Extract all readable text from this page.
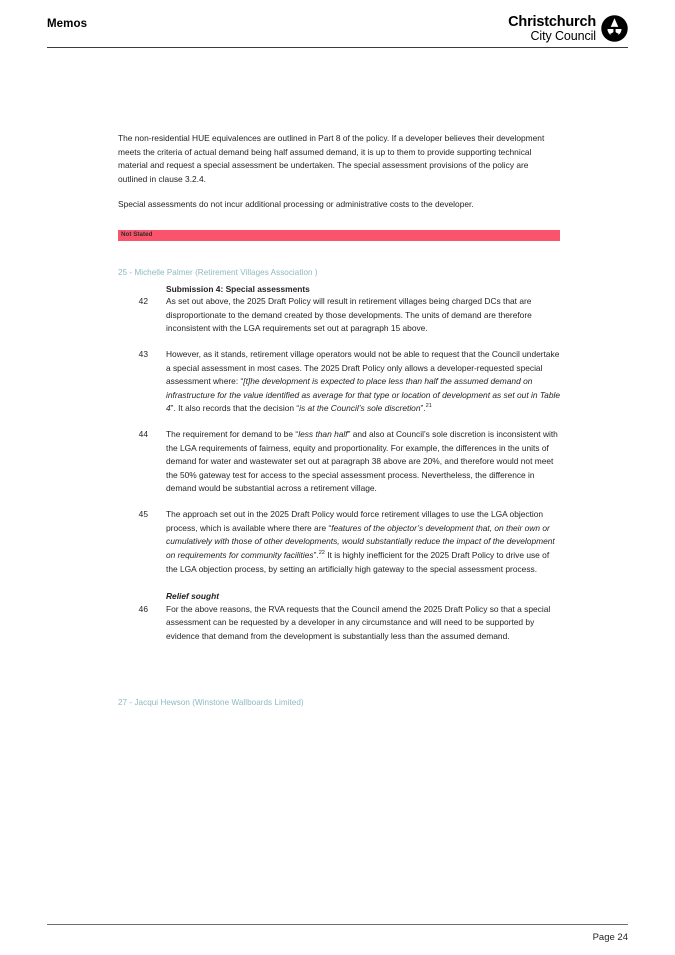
Memos	Christchurch
City Council

The non-residential HUE equivalences are outlined in Part 8 of the policy. If a developer believes their development meets the criteria of actual demand being half assumed demand, it is up to them to provide supporting technical material and request a special assessment be undertaken. The special assessment provisions of the policy are outlined in clause 3.2.4.

Special assessments do not incur additional processing or administrative costs to the developer.

Not Stated
25 - Michelle Palmer (Retirement Villages Association )
Submission 4: Special assessments
42 As set out above, the 2025 Draft Policy will result in retirement villages being charged DCs that are disproportionate to the demand created by those developments. The units of demand are therefore inconsistent with the LGA requirements set out at paragraph 15 above.
43 However, as it stands, retirement village operators would not be able to request that the Council undertake a special assessment in most cases. The 2025 Draft Policy only allows a developer-requested special assessment where: “[t]he development is expected to place less than half the assumed demand on infrastructure for the value identified as average for that type or location of development as set out in Table 4”. It also records that the decision “is at the Council’s sole discretion”.$^{21}$
44 The requirement for demand to be “less than half” and also at Council’s sole discretion is inconsistent with the LGA requirements of fairness, equity and proportionality. For example, the differences in the units of demand for water and wastewater set out at paragraph 38 above are 20%, and therefore would not meet the 50% gateway test for access to the special assessment process. Nevertheless, the difference in demand would be substantial across a retirement village.
45 The approach set out in the 2025 Draft Policy would force retirement villages to use the LGA objection process, which is available where there are “features of the objector’s development that, on their own or cumulatively with those of other developments, would substantially reduce the impact of the development on requirements for community facilities”.$^{22}$ It is highly inefficient for the 2025 Draft Policy to drive use of the LGA objection process, by setting an artificially high gateway to the special assessment process.
Relief sought
46 For the above reasons, the RVA requests that the Council amend the 2025 Draft Policy so that a special assessment can be requested by a developer in any circumstance and will need to be supported by evidence that demand from the development is substantially less than the assumed demand.
27 - Jacqui Hewson (Winstone Wallboards Limited)
Page 24
